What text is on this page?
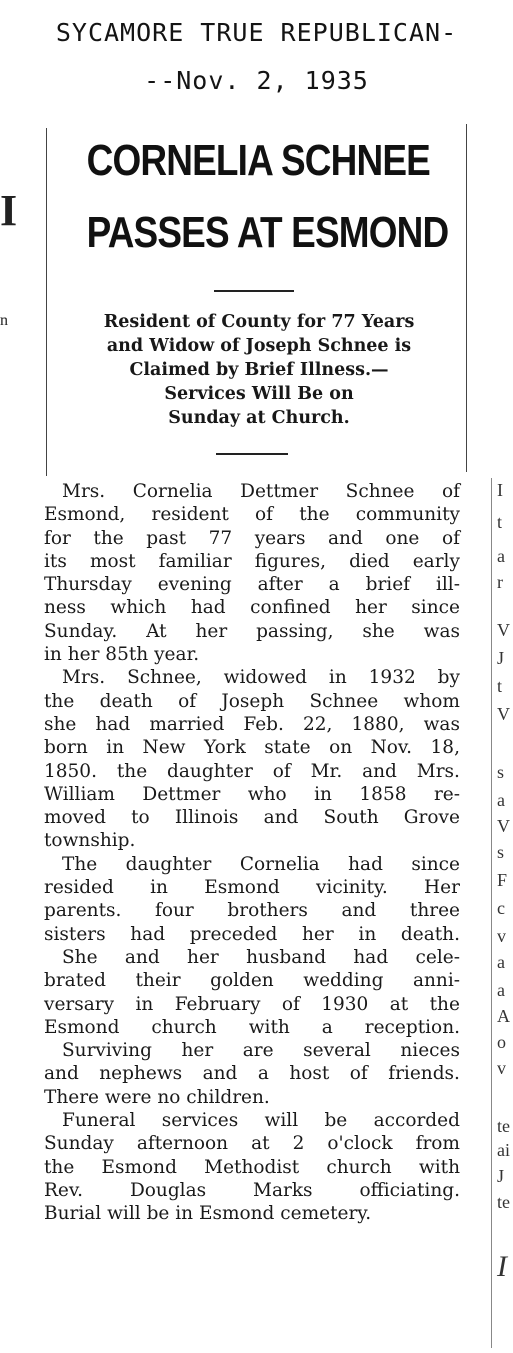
SYCAMORE TRUE REPUBLICAN-
--Nov. 2, 1935
I
n
CORNELIA SCHNEE
PASSES AT ESMOND
Resident of County for 77 Years
and Widow of Joseph Schnee is
Claimed by Brief Illness.—
Services Will Be on
Sunday at Church.
Mrs. Cornelia Dettmer Schnee of
Esmond, resident of the community
for the past 77 years and one of
its most familiar figures, died early
Thursday evening after a brief ill-
ness which had confined her since
Sunday. At her passing, she was
in her 85th year.
Mrs. Schnee, widowed in 1932 by
the death of Joseph Schnee whom
she had married Feb. 22, 1880, was
born in New York state on Nov. 18,
1850. the daughter of Mr. and Mrs.
William Dettmer who in 1858 re-
moved to Illinois and South Grove
township.
The daughter Cornelia had since
resided in Esmond vicinity. Her
parents. four brothers and three
sisters had preceded her in death.
She and her husband had cele-
brated their golden wedding anni-
versary in February of 1930 at the
Esmond church with a reception.
Surviving her are several nieces
and nephews and a host of friends.
There were no children.
Funeral services will be accorded
Sunday afternoon at 2 o'clock from
the Esmond Methodist church with
Rev.	Douglas	Marks	officiating.
Burial will be in Esmond cemetery.
I
t
a
r
V
J
t
V
s
a
V
s
F
c
v
a
a
A
o
v
te
ai
J
te
I
